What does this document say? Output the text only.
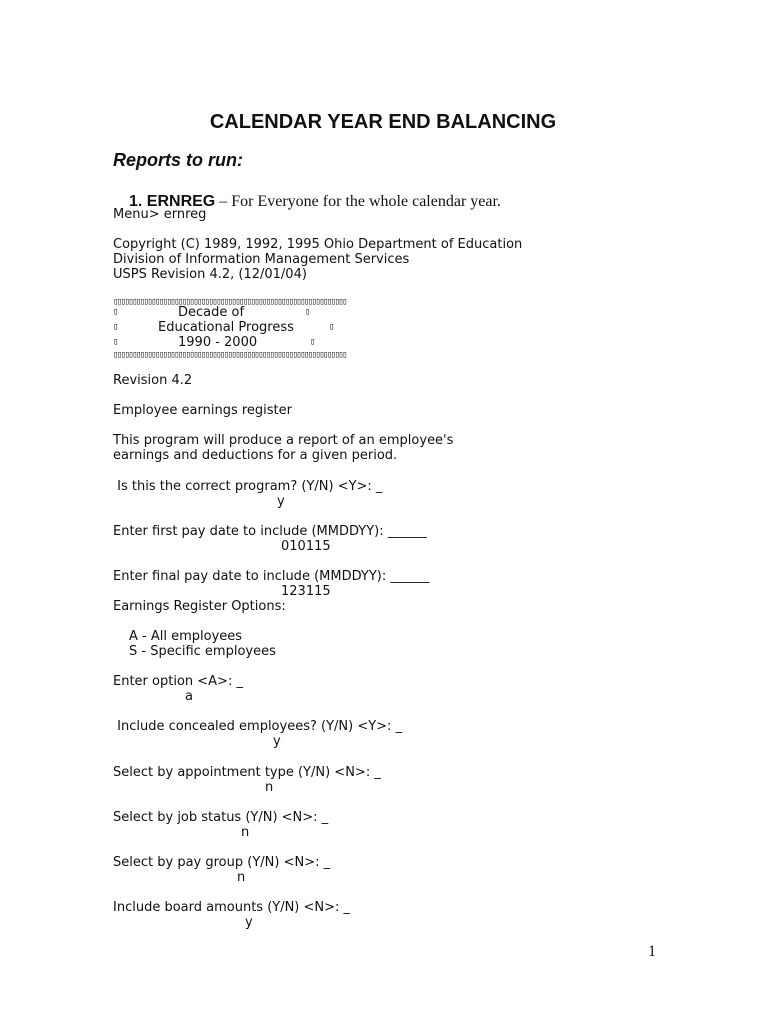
CALENDAR YEAR END BALANCING
Reports to run:

1. ERNREG – For Everyone for the whole calendar year.

Menu> ernreg
Copyright (C) 1989, 1992, 1995 Ohio Department of Education
Division of Information Management Services
USPS Revision 4.2, (12/01/04)
▯▯▯▯▯▯▯▯▯▯▯▯▯▯▯▯▯▯▯▯▯▯▯▯▯▯▯▯▯▯▯▯▯▯▯▯▯▯▯▯▯▯▯▯▯▯▯▯▯▯▯▯▯▯▯▯▯▯▯▯▯
▯	Decade of	▯
▯	Educational Progress	▯
▯	1990 - 2000	▯
▯▯▯▯▯▯▯▯▯▯▯▯▯▯▯▯▯▯▯▯▯▯▯▯▯▯▯▯▯▯▯▯▯▯▯▯▯▯▯▯▯▯▯▯▯▯▯▯▯▯▯▯▯▯▯▯▯▯▯▯▯
Revision 4.2
Employee earnings register
This program will produce a report of an employee's
earnings and deductions for a given period.
Is this the correct program? (Y/N) <Y>: _
y
Enter first pay date to include (MMDDYY): ______
010115
Enter final pay date to include (MMDDYY): ______
123115
Earnings Register Options:
A - All employees
S - Specific employees
Enter option <A>: _
a
Include concealed employees? (Y/N) <Y>: _
y
Select by appointment type (Y/N) <N>: _
n
Select by job status (Y/N) <N>: _
n
Select by pay group (Y/N) <N>: _
n
Include board amounts (Y/N) <N>: _
y
1
